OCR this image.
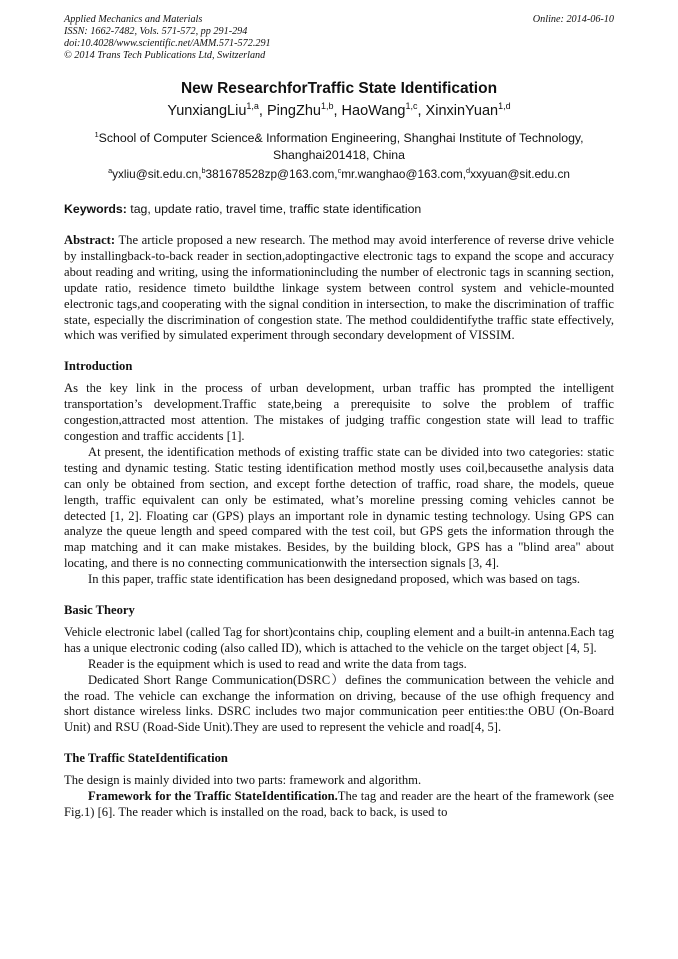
Applied Mechanics and Materials
ISSN: 1662-7482, Vols. 571-572, pp 291-294
doi:10.4028/www.scientific.net/AMM.571-572.291
© 2014 Trans Tech Publications Ltd, Switzerland
Online: 2014-06-10
New ResearchforTraffic State Identification
YunxiangLiu$^{1,a}$, PingZhu$^{1,b}$, HaoWang$^{1,c}$, XinxinYuan$^{1,d}$
$^1$School of Computer Science& Information Engineering, Shanghai Institute of Technology,
Shanghai201418, China
$^a$yxliu@sit.edu.cn,$^b$381678528zp@163.com,$^c$mr.wanghao@163.com,$^d$xxyuan@sit.edu.cn
Keywords: tag, update ratio, travel time, traffic state identification

Abstract: The article proposed a new research. The method may avoid interference of reverse drive vehicle by installingback-to-back reader in section,adoptingactive electronic tags to expand the scope and accuracy about reading and writing, using the informationincluding the number of electronic tags in scanning section, update ratio, residence timeto buildthe linkage system between control system and vehicle-mounted electronic tags,and cooperating with the signal condition in intersection, to make the discrimination of traffic state, especially the discrimination of congestion state. The method couldidentifythe traffic state effectively, which was verified by simulated experiment through secondary development of VISSIM.

Introduction

As the key link in the process of urban development, urban traffic has prompted the intelligent transportation’s development.Traffic state,being a prerequisite to solve the problem of traffic congestion,attracted most attention. The mistakes of judging traffic congestion state will lead to traffic congestion and traffic accidents [1].

At present, the identification methods of existing traffic state can be divided into two categories: static testing and dynamic testing. Static testing identification method mostly uses coil,becausethe analysis data can only be obtained from section, and except forthe detection of traffic, road share, the models, queue length, traffic equivalent can only be estimated, what’s moreline pressing coming vehicles cannot be detected [1, 2]. Floating car (GPS) plays an important role in dynamic testing technology. Using GPS can analyze the queue length and speed compared with the test coil, but GPS gets the information through the map matching and it can make mistakes. Besides, by the building block, GPS has a "blind area" about locating, and there is no connecting communicationwith the intersection signals [3, 4].

In this paper, traffic state identification has been designedand proposed, which was based on tags.

Basic Theory

Vehicle electronic label (called Tag for short)contains chip, coupling element and a built-in antenna.Each tag has a unique electronic coding (also called ID), which is attached to the vehicle on the target object [4, 5].

Reader is the equipment which is used to read and write the data from tags.

Dedicated Short Range Communication(DSRC）defines the communication between the vehicle and the road. The vehicle can exchange the information on driving, because of the use ofhigh frequency and short distance wireless links. DSRC includes two major communication peer entities:the OBU (On-Board Unit) and RSU (Road-Side Unit).They are used to represent the vehicle and road[4, 5].

The Traffic StateIdentification

The design is mainly divided into two parts: framework and algorithm.

Framework for the Traffic StateIdentification.The tag and reader are the heart of the framework (see Fig.1) [6]. The reader which is installed on the road, back to back, is used to
